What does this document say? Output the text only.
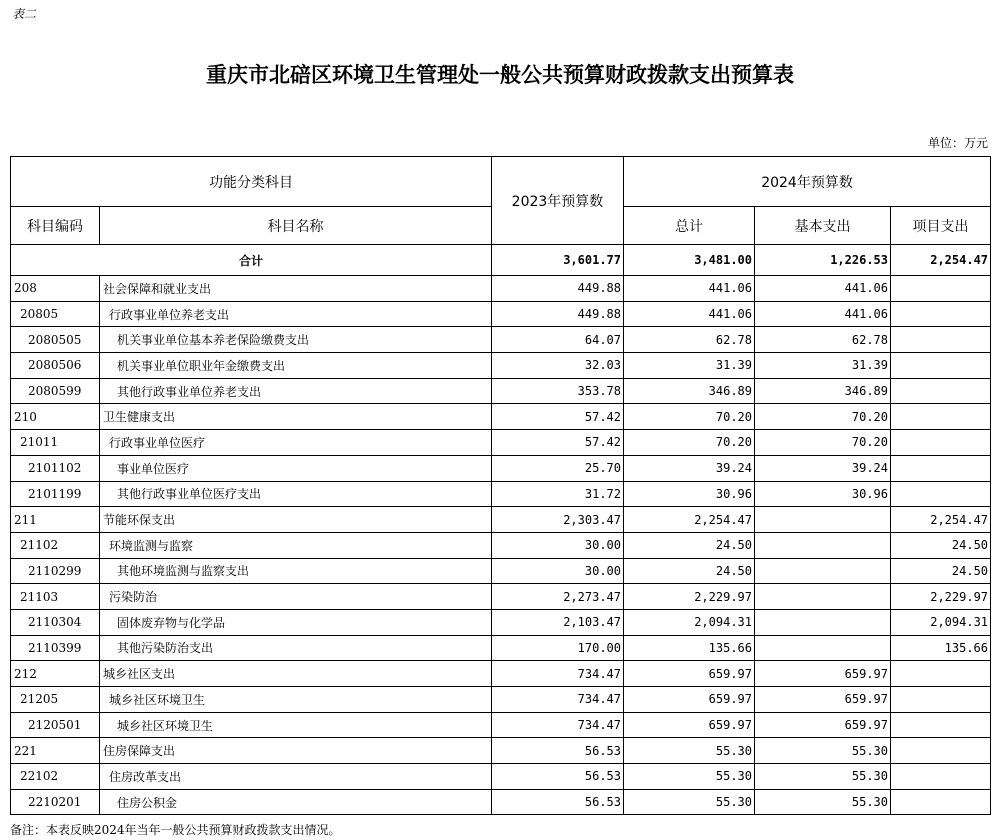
表二
重庆市北碚区环境卫生管理处一般公共预算财政拨款支出预算表
单位：万元
功能分类科目		2023年预算数	2024年预算数		
科目编码	科目名称		总计	基本支出	项目支出
合计		3,601.77	3,481.00	1,226.53	2,254.47
208	社会保障和就业支出	449.88	441.06	441.06	
20805	行政事业单位养老支出	449.88	441.06	441.06	
2080505	机关事业单位基本养老保险缴费支出	64.07	62.78	62.78	
2080506	机关事业单位职业年金缴费支出	32.03	31.39	31.39	
2080599	其他行政事业单位养老支出	353.78	346.89	346.89	
210	卫生健康支出	57.42	70.20	70.20	
21011	行政事业单位医疗	57.42	70.20	70.20	
2101102	事业单位医疗	25.70	39.24	39.24	
2101199	其他行政事业单位医疗支出	31.72	30.96	30.96	
211	节能环保支出	2,303.47	2,254.47		2,254.47
21102	环境监测与监察	30.00	24.50		24.50
2110299	其他环境监测与监察支出	30.00	24.50		24.50
21103	污染防治	2,273.47	2,229.97		2,229.97
2110304	固体废弃物与化学品	2,103.47	2,094.31		2,094.31
2110399	其他污染防治支出	170.00	135.66		135.66
212	城乡社区支出	734.47	659.97	659.97	
21205	城乡社区环境卫生	734.47	659.97	659.97	
2120501	城乡社区环境卫生	734.47	659.97	659.97	
221	住房保障支出	56.53	55.30	55.30	
22102	住房改革支出	56.53	55.30	55.30	
2210201	住房公积金	56.53	55.30	55.30	
备注：本表反映2024年当年一般公共预算财政拨款支出情况。
